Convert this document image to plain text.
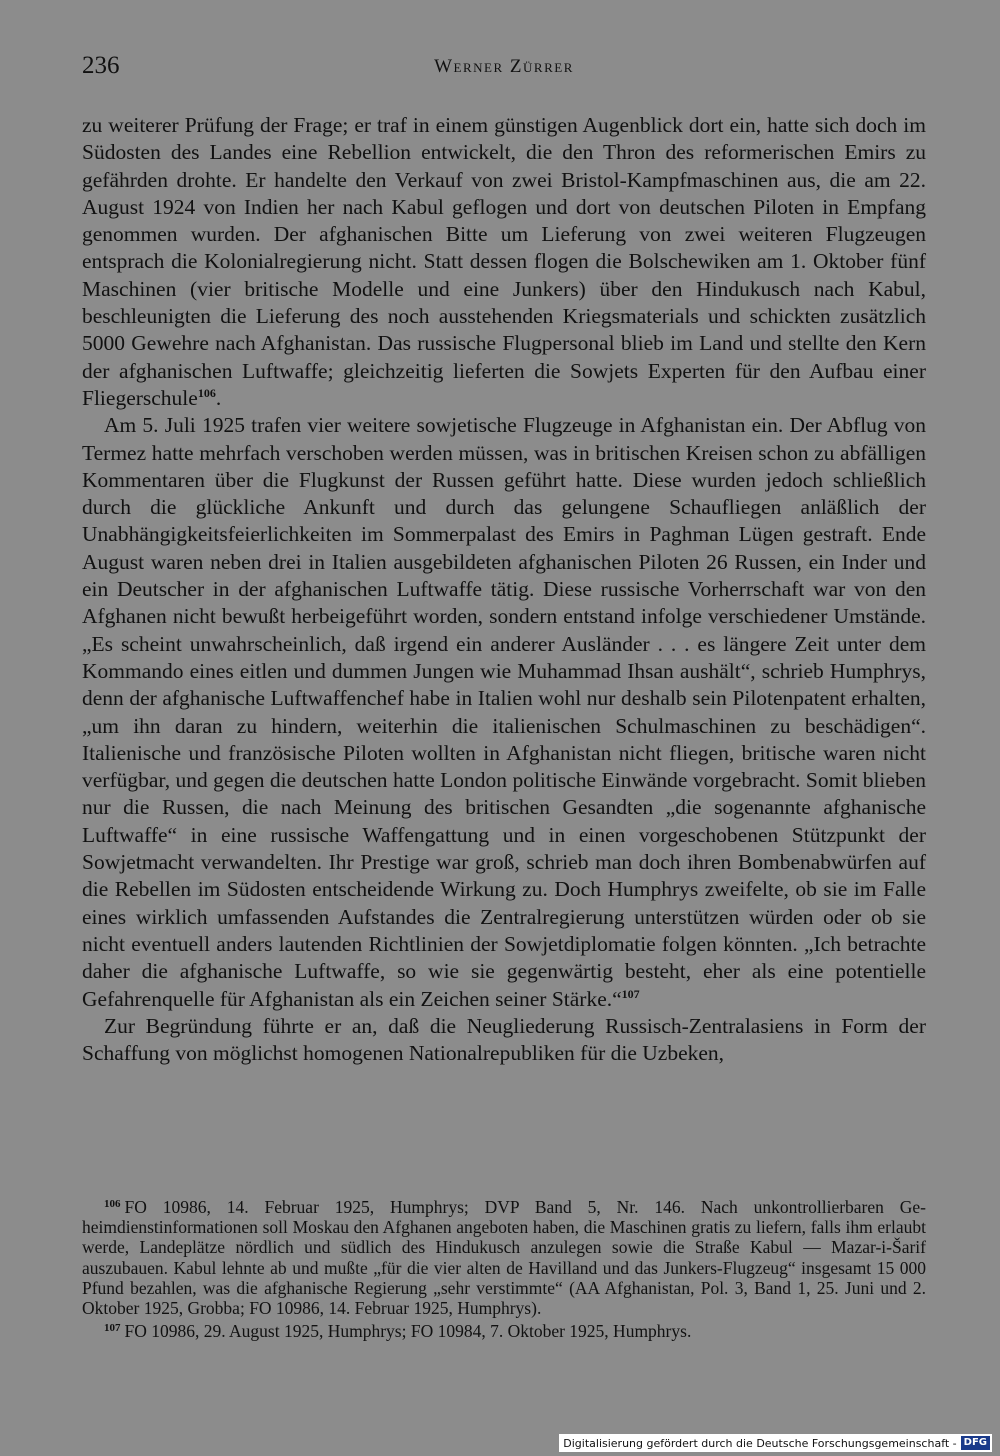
236	Werner Zürrer

zu weiterer Prüfung der Frage; er traf in einem günstigen Augenblick dort ein, hatte sich doch im Südosten des Landes eine Rebellion entwickelt, die den Thron des reformerischen Emirs zu gefährden drohte. Er handelte den Verkauf von zwei Bristol-Kampfmaschinen aus, die am 22. August 1924 von Indien her nach Kabul geflogen und dort von deutschen Piloten in Empfang genommen wurden. Der afghanischen Bitte um Lieferung von zwei weiteren Flugzeugen entsprach die Kolonialregierung nicht. Statt dessen flogen die Bolschewiken am 1. Oktober fünf Maschinen (vier britische Modelle und eine Junkers) über den Hindukusch nach Kabul, beschleunigten die Lieferung des noch ausstehenden Kriegsmaterials und schickten zusätzlich 5000 Gewehre nach Afghanistan. Das russische Flugpersonal blieb im Land und stellte den Kern der afghanischen Luftwaffe; gleichzeitig lieferten die Sowjets Experten für den Aufbau einer Fliegerschule$^{106}$.

Am 5. Juli 1925 trafen vier weitere sowjetische Flugzeuge in Afghanistan ein. Der Abflug von Termez hatte mehrfach verschoben werden müssen, was in britischen Kreisen schon zu abfälligen Kommentaren über die Flugkunst der Russen geführt hatte. Diese wurden jedoch schließlich durch die glückliche Ankunft und durch das gelungene Schaufliegen anläßlich der Unabhängigkeitsfeierlichkeiten im Sommerpalast des Emirs in Paghman Lügen gestraft. Ende August waren neben drei in Italien ausgebildeten afghanischen Piloten 26 Russen, ein Inder und ein Deutscher in der afghanischen Luftwaffe tätig. Diese russische Vorherrschaft war von den Afghanen nicht bewußt herbeigeführt worden, sondern entstand infolge verschiedener Umstände. „Es scheint unwahrscheinlich, daß irgend ein anderer Ausländer . . . es längere Zeit unter dem Kommando eines eitlen und dummen Jungen wie Muhammad Ihsan aushält“, schrieb Humphrys, denn der afghanische Luftwaffenchef habe in Italien wohl nur deshalb sein Pilotenpatent erhalten, „um ihn daran zu hindern, weiterhin die italienischen Schulmaschinen zu beschädigen“. Italienische und französische Piloten wollten in Afghanistan nicht fliegen, britische waren nicht verfügbar, und gegen die deutschen hatte London politische Einwände vorgebracht. Somit blieben nur die Russen, die nach Meinung des britischen Gesandten „die sogenannte afghanische Luftwaffe“ in eine russische Waffengattung und in einen vorgeschobenen Stützpunkt der Sowjetmacht verwandelten. Ihr Prestige war groß, schrieb man doch ihren Bombenabwürfen auf die Rebellen im Südosten entscheidende Wirkung zu. Doch Humphrys zweifelte, ob sie im Falle eines wirklich umfassenden Aufstandes die Zentralregierung unterstützen würden oder ob sie nicht eventuell anders lautenden Richtlinien der Sowjetdiplomatie folgen könnten. „Ich betrachte daher die afghanische Luftwaffe, so wie sie gegenwärtig besteht, eher als eine potentielle Gefahrenquelle für Afghanistan als ein Zeichen seiner Stärke.“$^{107}$

Zur Begründung führte er an, daß die Neugliederung Russisch-Zentralasiens in Form der Schaffung von möglichst homogenen Nationalrepubliken für die Uzbeken,

$^{106}$ FO 10986, 14. Februar 1925, Humphrys; DVP Band 5, Nr. 146. Nach unkontrollierbaren Geheimdienstinformationen soll Moskau den Afghanen angeboten haben, die Maschinen gratis zu liefern, falls ihm erlaubt werde, Landeplätze nördlich und südlich des Hindukusch anzulegen sowie die Straße Kabul — Mazar-i-Šarif auszubauen. Kabul lehnte ab und mußte „für die vier alten de Havilland und das Junkers-Flugzeug“ insgesamt 15 000 Pfund bezahlen, was die afghanische Regierung „sehr verstimmte“ (AA Afghanistan, Pol. 3, Band 1, 25. Juni und 2. Oktober 1925, Grobba; FO 10986, 14. Februar 1925, Humphrys).

$^{107}$ FO 10986, 29. August 1925, Humphrys; FO 10984, 7. Oktober 1925, Humphrys.

Digitalisierung gefördert durch die Deutsche Forschungsgemeinschaft - DFG
